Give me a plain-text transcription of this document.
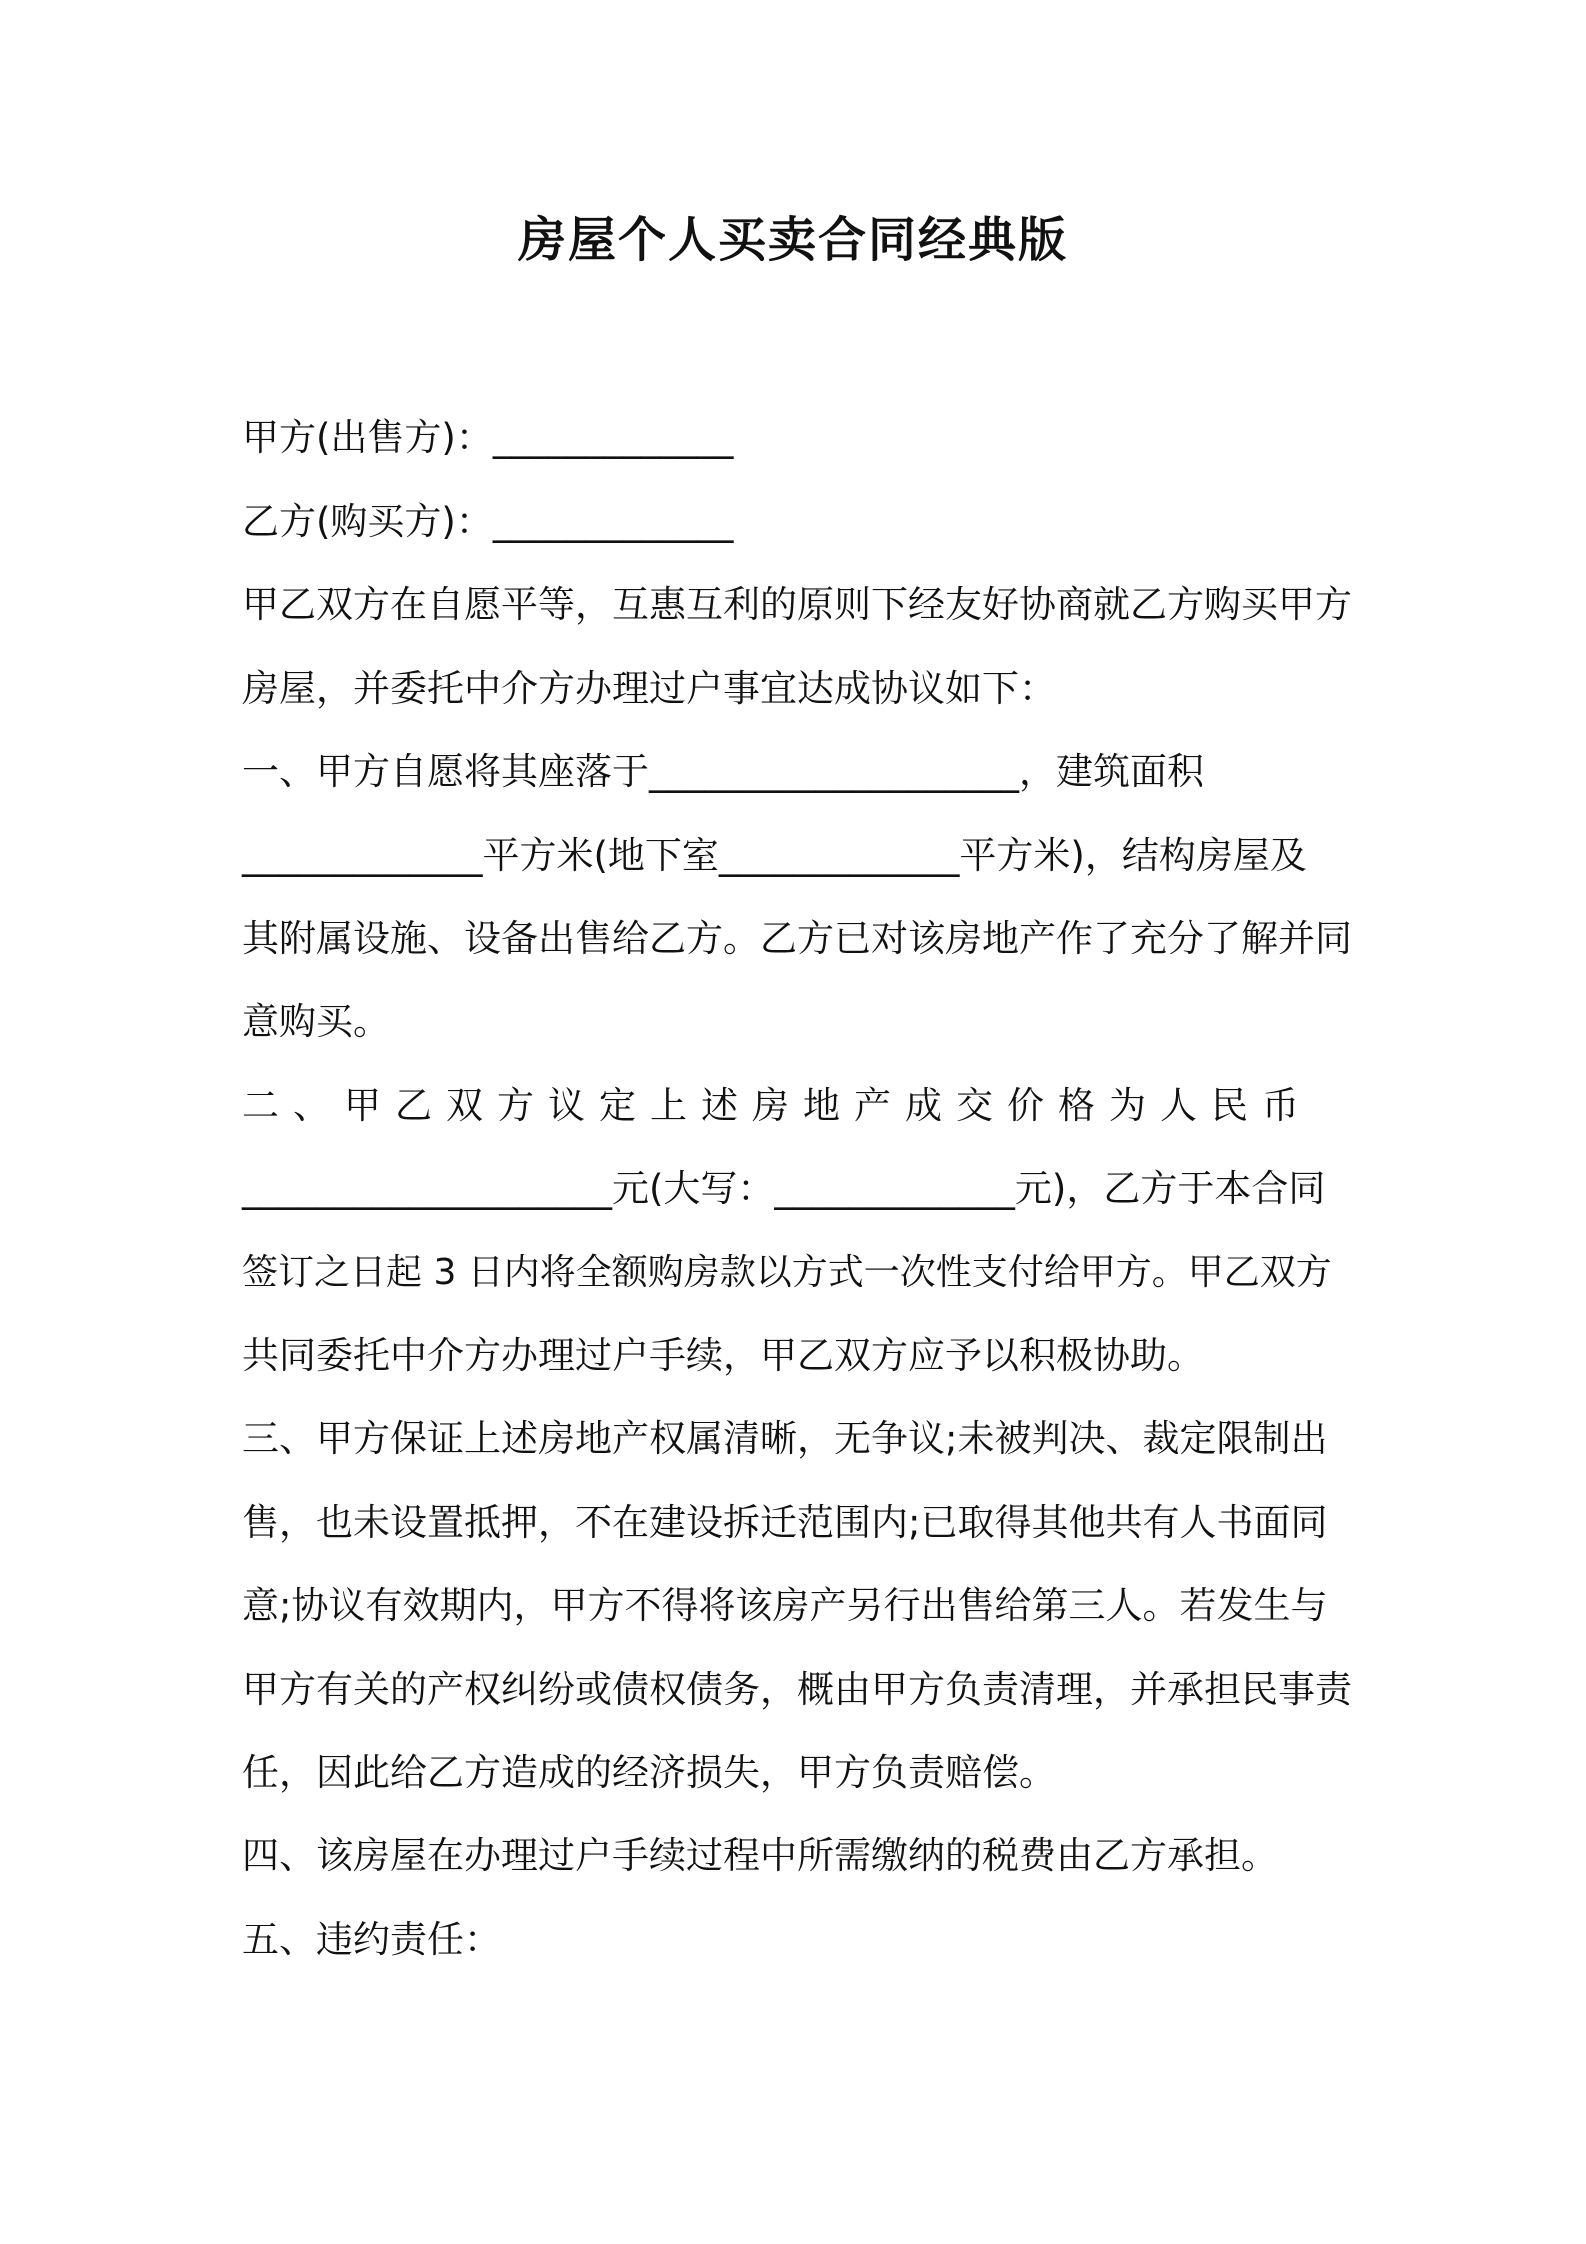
房屋个人买卖合同经典版
甲方(出售方)：_____________
乙方(购买方)：_____________
甲乙双方在自愿平等，互惠互利的原则下经友好协商就乙方购买甲方
房屋，并委托中介方办理过户事宜达成协议如下：
一、甲方自愿将其座落于____________________，建筑面积
_____________平方米(地下室_____________平方米)，结构房屋及
其附属设施、设备出售给乙方。乙方已对该房地产作了充分了解并同
意购买。
二、甲乙双方议定上述房地产成交价格为人民币
____________________元(大写：_____________元)，乙方于本合同
签订之日起 3 日内将全额购房款以方式一次性支付给甲方。甲乙双方
共同委托中介方办理过户手续，甲乙双方应予以积极协助。
三、甲方保证上述房地产权属清晰，无争议;未被判决、裁定限制出
售，也未设置抵押，不在建设拆迁范围内;已取得其他共有人书面同
意;协议有效期内，甲方不得将该房产另行出售给第三人。若发生与
甲方有关的产权纠纷或债权债务，概由甲方负责清理，并承担民事责
任，因此给乙方造成的经济损失，甲方负责赔偿。
四、该房屋在办理过户手续过程中所需缴纳的税费由乙方承担。
五、违约责任：
